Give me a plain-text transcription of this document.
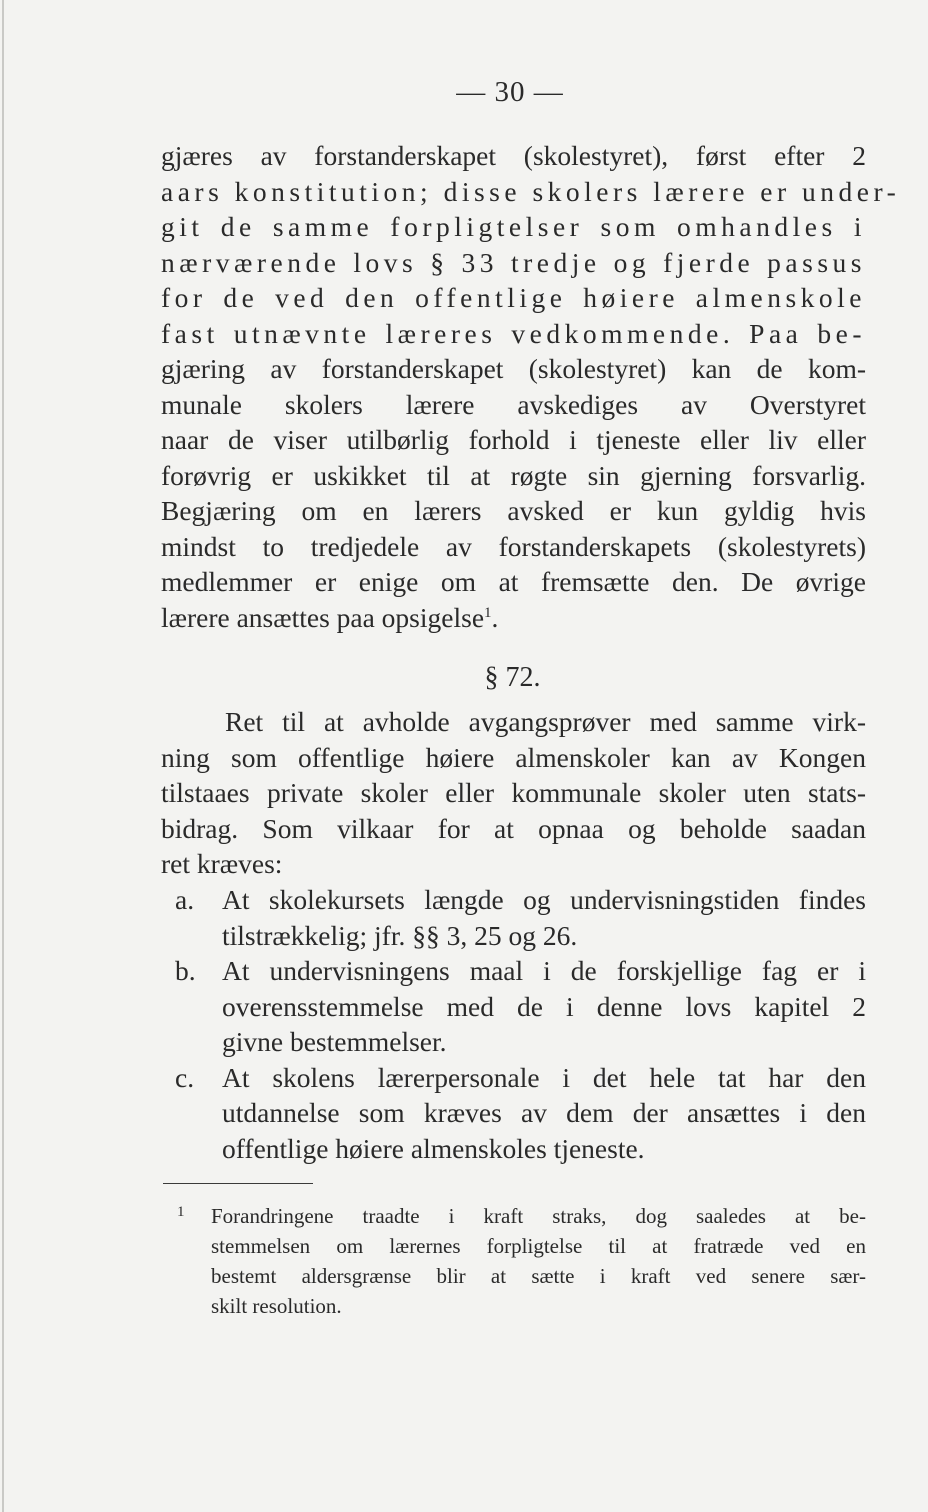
— 30 —
gjæres av forstanderskapet (skolestyret), først efter 2
aars konstitution; disse skolers lærere er under-
git de samme forpligtelser som omhandles i
nærværende lovs § 33 tredje og fjerde passus
for de ved den offentlige høiere almenskole
fast utnævnte læreres vedkommende. Paa be-
gjæring av forstanderskapet (skolestyret) kan de kom-
munale skolers lærere avskediges av Overstyret
naar de viser utilbørlig forhold i tjeneste eller liv eller
forøvrig er uskikket til at røgte sin gjerning forsvarlig.
Begjæring om en lærers avsked er kun gyldig hvis
mindst to tredjedele av forstanderskapets (skolestyrets)
medlemmer er enige om at fremsætte den. De øvrige
lærere ansættes paa opsigelse$^1$.
§ 72.
Ret til at avholde avgangsprøver med samme virk-
ning som offentlige høiere almenskoler kan av Kongen
tilstaaes private skoler eller kommunale skoler uten stats-
bidrag. Som vilkaar for at opnaa og beholde saadan
ret kræves:
a. At skolekursets længde og undervisningstiden findes
tilstrækkelig; jfr. §§ 3, 25 og 26.
b. At undervisningens maal i de forskjellige fag er i
overensstemmelse med de i denne lovs kapitel 2
givne bestemmelser.
c. At skolens lærerpersonale i det hele tat har den
utdannelse som kræves av dem der ansættes i den
offentlige høiere almenskoles tjeneste.
1 Forandringene traadte i kraft straks, dog saaledes at be-
stemmelsen om lærernes forpligtelse til at fratræde ved en
bestemt aldersgrænse blir at sætte i kraft ved senere sær-
skilt resolution.
